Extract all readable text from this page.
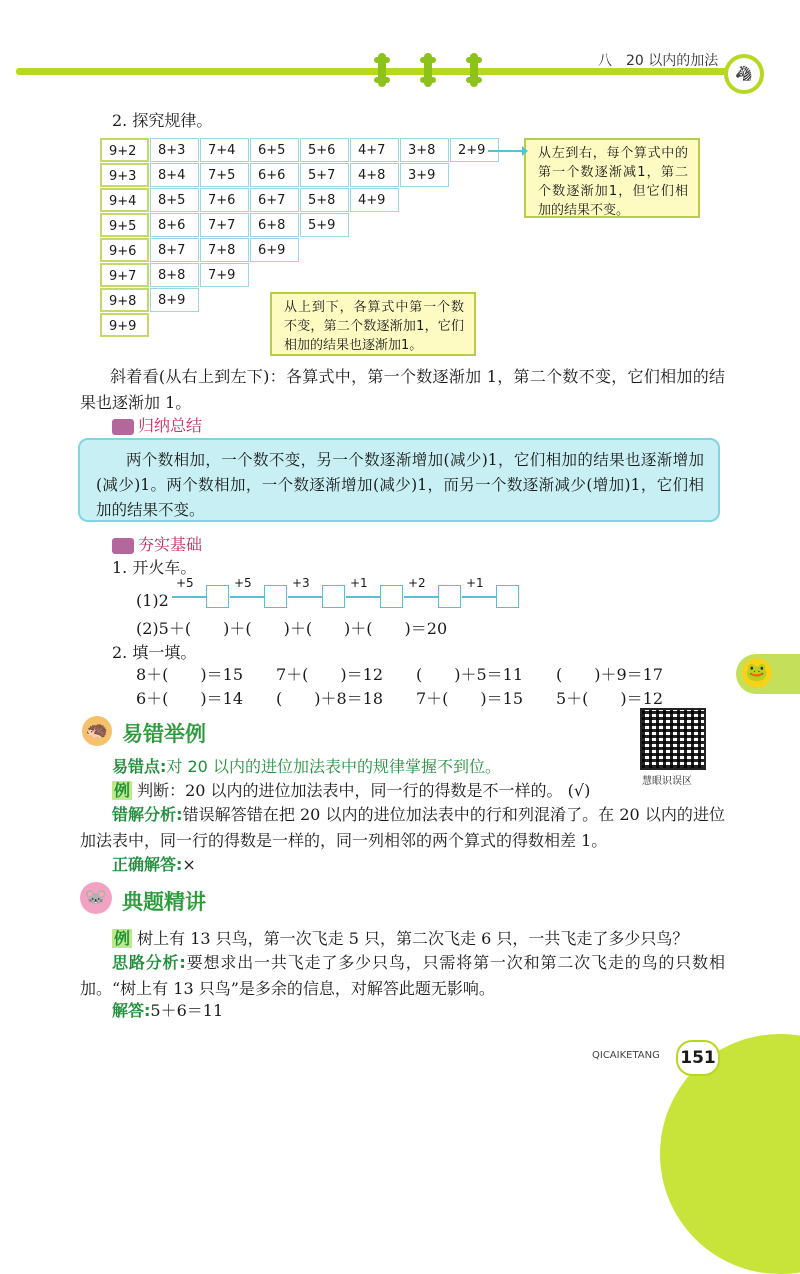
八　20 以内的加法
🦓
2. 探究规律。
9+2	8+3	7+4	6+5	5+6	4+7	3+8	2+9
9+3	8+4	7+5	6+6	5+7	4+8	3+9
9+4	8+5	7+6	6+7	5+8	4+9
9+5	8+6	7+7	6+8	5+9
9+6	8+7	7+8	6+9
9+7	8+8	7+9
9+8	8+9
9+9
从左到右，每个算式中的第一个数逐渐减1，第二个数逐渐加1，但它们相加的结果不变。
从上到下，各算式中第一个数不变，第二个数逐渐加1，它们相加的结果也逐渐加1。
斜着看(从右上到左下)：各算式中，第一个数逐渐加 1，第二个数不变，它们相加的结果也逐渐加 1。
归纳总结
两个数相加，一个数不变，另一个数逐渐增加(减少)1，它们相加的结果也逐渐增加(减少)1。两个数相加，一个数逐渐增加(减少)1，而另一个数逐渐减少(增加)1，它们相加的结果不变。
夯实基础
1. 开火车。
(1)2
+5	+5	+3	+1	+2	+1
(2)5＋(　　)＋(　　)＋(　　)＋(　　)＝20
2. 填一填。
8＋(　　)＝15 7＋(　　)＝12 (　　)＋5＝11 (　　)＋9＝17
6＋(　　)＝14 (　　)＋8＝18 7＋(　　)＝15 5＋(　　)＝12
🐸
🦔 易错举例
慧眼识误区
易错点:对 20 以内的进位加法表中的规律掌握不到位。
例 判断：20 以内的进位加法表中，同一行的得数是不一样的。 (√)
错解分析:错误解答错在把 20 以内的进位加法表中的行和列混淆了。在 20 以内的进位加法表中，同一行的得数是一样的，同一列相邻的两个算式的得数相差 1。
正确解答:×
🐭 典题精讲
例 树上有 13 只鸟，第一次飞走 5 只，第二次飞走 6 只，一共飞走了多少只鸟？
思路分析:要想求出一共飞走了多少只鸟，只需将第一次和第二次飞走的鸟的只数相加。“树上有 13 只鸟”是多余的信息，对解答此题无影响。
解答:5＋6＝11
QICAIKETANG 151
